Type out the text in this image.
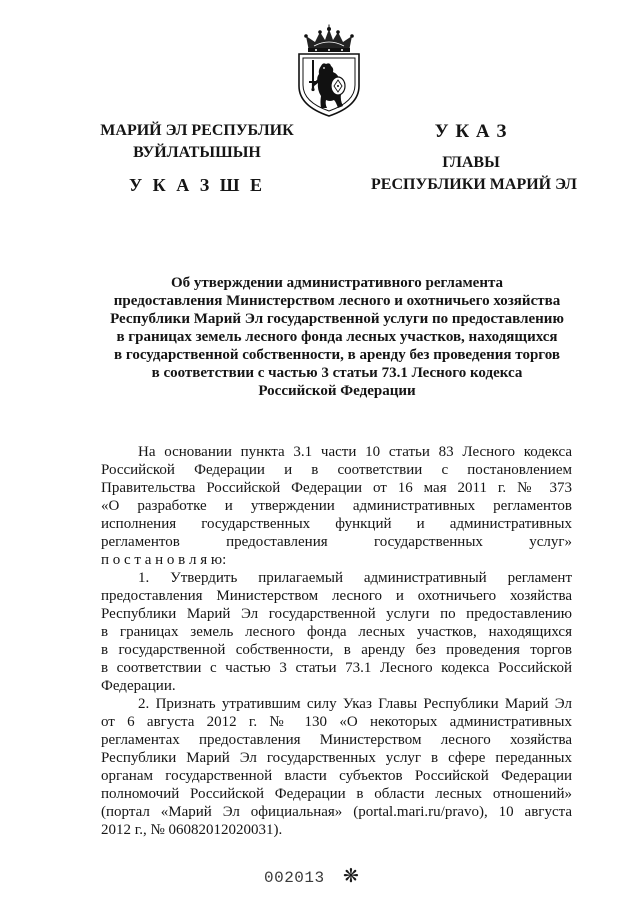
МАРИЙ ЭЛ РЕСПУБЛИК
ВУЙЛАТЫШЫН
У К А З Ш Е
У К А З
ГЛАВЫ
РЕСПУБЛИКИ МАРИЙ ЭЛ
Об утверждении административного регламента
предоставления Министерством лесного и охотничьего хозяйства
Республики Марий Эл государственной услуги по предоставлению
в границах земель лесного фонда лесных участков, находящихся
в государственной собственности, в аренду без проведения торгов
в соответствии с частью 3 статьи 73.1 Лесного кодекса
Российской Федерации
На основании пункта 3.1 части 10 статьи 83 Лесного кодекса
Российской Федерации и в соответствии с постановлением
Правительства Российской Федерации от 16 мая 2011 г. № 373
«О разработке и утверждении административных регламентов
исполнения государственных функций и административных
регламентов предоставления государственных услуг»
п о с т а н о в л я ю:
1. Утвердить прилагаемый административный регламент
предоставления Министерством лесного и охотничьего хозяйства
Республики Марий Эл государственной услуги по предоставлению
в границах земель лесного фонда лесных участков, находящихся
в государственной собственности, в аренду без проведения торгов
в соответствии с частью 3 статьи 73.1 Лесного кодекса Российской
Федерации.
2. Признать утратившим силу Указ Главы Республики Марий Эл
от 6 августа 2012 г. № 130 «О некоторых административных
регламентах предоставления Министерством лесного хозяйства
Республики Марий Эл государственных услуг в сфере переданных
органам государственной власти субъектов Российской Федерации
полномочий Российской Федерации в области лесных отношений»
(портал «Марий Эл официальная» (portal.mari.ru/pravo), 10 августа
2012 г., № 06082012020031).
002013 ❋
